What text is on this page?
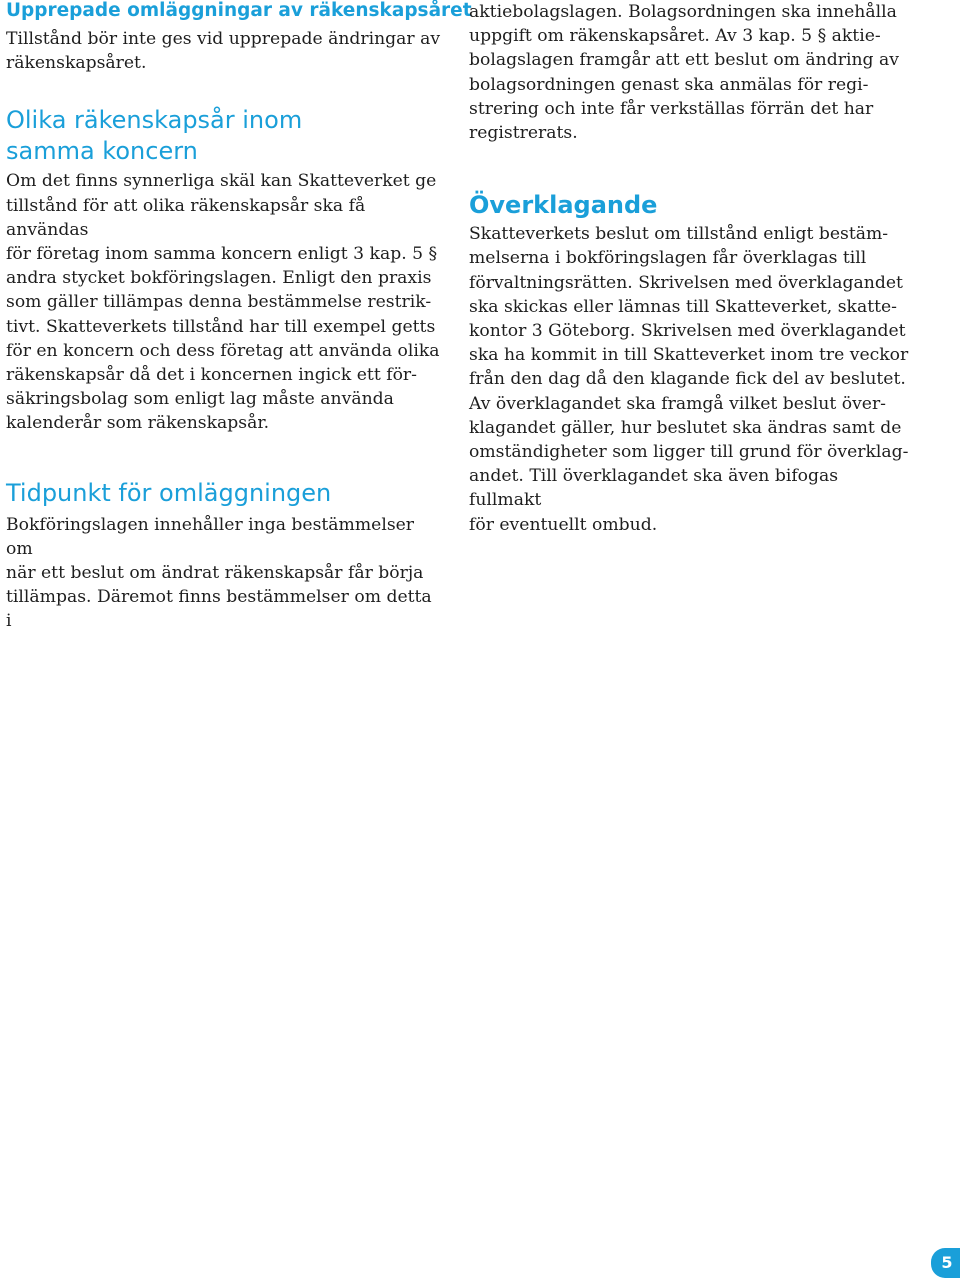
Upprepade omläggningar av räkenskapsåret

Tillstånd bör inte ges vid upprepade ändringar av
räkenskapsåret.

Olika räkenskapsår inom
samma koncern

Om det finns synnerliga skäl kan Skatteverket ge
tillstånd för att olika räkenskapsår ska få användas
för företag inom samma koncern enligt 3 kap. 5 §
andra stycket bokföringslagen. Enligt den praxis
som gäller tillämpas denna bestämmelse restrik-
tivt. Skatteverkets tillstånd har till exempel getts
för en koncern och dess företag att använda olika
räkenskapsår då det i koncernen ingick ett för-
säkringsbolag som enligt lag måste använda
kalenderår som räkenskapsår.

Tidpunkt för omläggningen

Bokföringslagen innehåller inga bestämmelser om
när ett beslut om ändrat räkenskapsår får börja
tillämpas. Däremot finns bestämmelser om detta i

aktiebolagslagen. Bolagsordningen ska innehålla
uppgift om räkenskapsåret. Av 3 kap. 5 § aktie-
bolagslagen framgår att ett beslut om ändring av
bolagsordningen genast ska anmälas för regi-
strering och inte får verkställas förrän det har
registrerats.

Överklagande

Skatteverkets beslut om tillstånd enligt bestäm-
melserna i bokföringslagen får överklagas till
förvaltningsrätten. Skrivelsen med överklagandet
ska skickas eller lämnas till Skatteverket, skatte-
kontor 3 Göteborg. Skrivelsen med överklagandet
ska ha kommit in till Skatteverket inom tre veckor
från den dag då den klagande fick del av beslutet.
Av överklagandet ska framgå vilket beslut över-
klagandet gäller, hur beslutet ska ändras samt de
omständigheter som ligger till grund för överklag-
andet. Till överklagandet ska även bifogas fullmakt
för eventuellt ombud.

5
